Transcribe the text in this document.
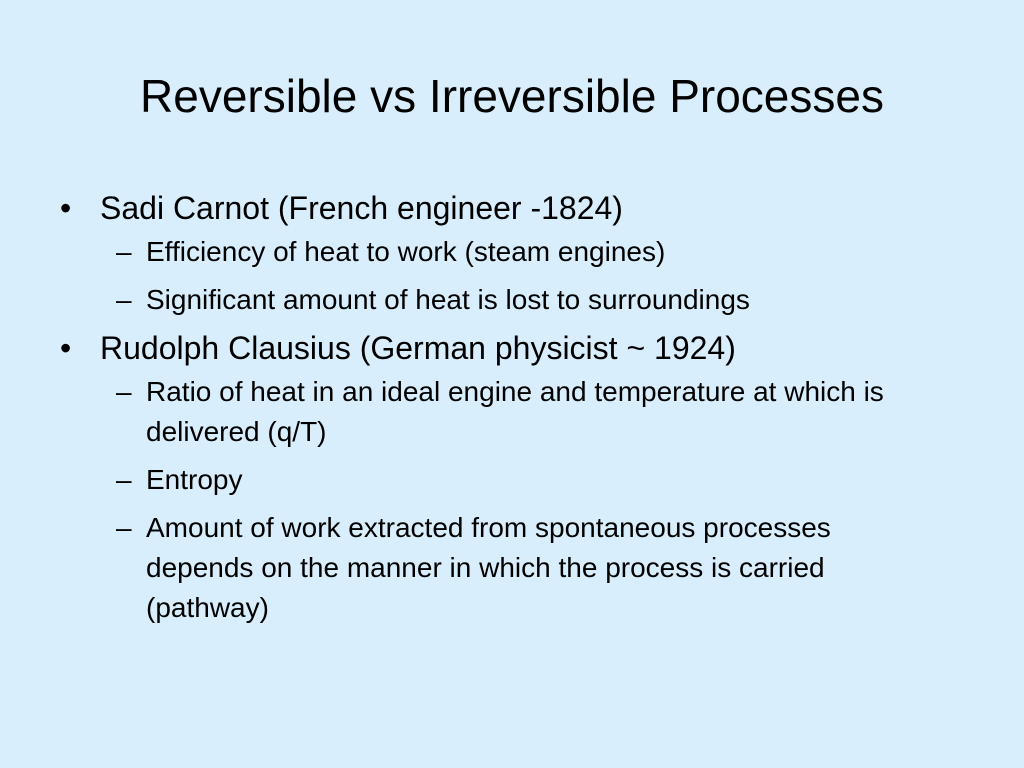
Reversible vs Irreversible Processes
• Sadi Carnot (French engineer -1824)
– Efficiency of heat to work (steam engines)
– Significant amount of heat is lost to surroundings
• Rudolph Clausius (German physicist ~ 1924)
– Ratio of heat in an ideal engine and temperature at which is delivered (q/T)
– Entropy
– Amount of work extracted from spontaneous processes depends on the manner in which the process is carried (pathway)
